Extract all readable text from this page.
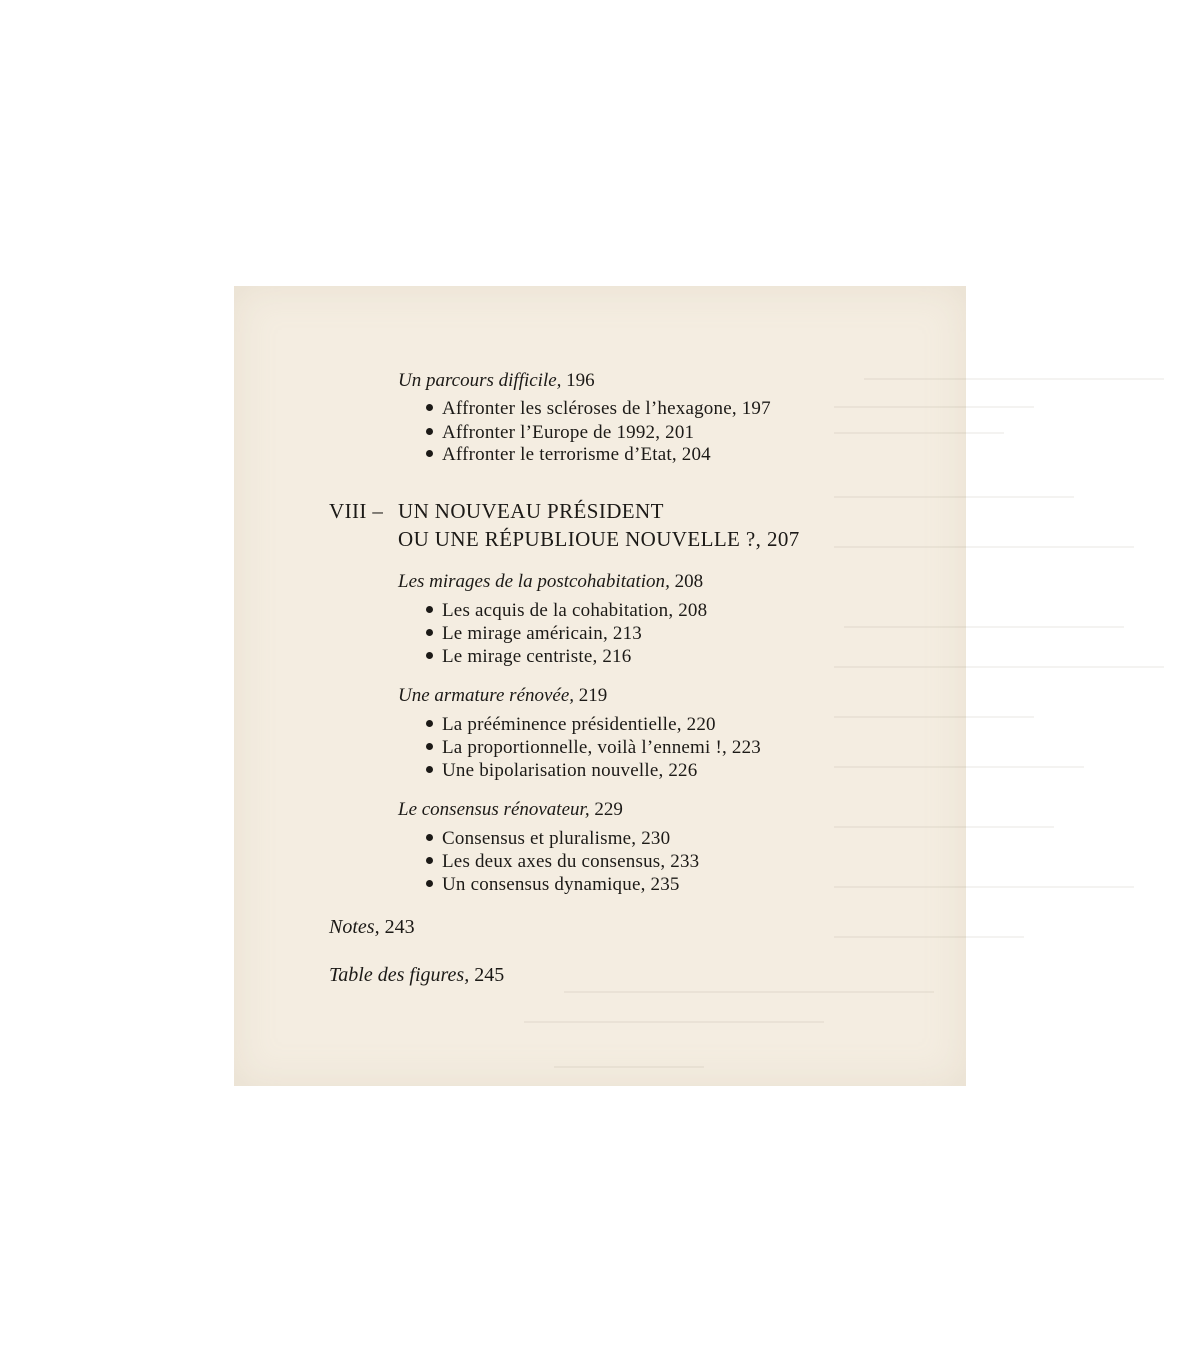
Un parcours difficile, 196
Affronter les scléroses de l’hexagone, 197
Affronter l’Europe de 1992, 201
Affronter le terrorisme d’Etat, 204
VIII – UN NOUVEAU PRÉSIDENT
OU UNE RÉPUBLIOUE NOUVELLE ?, 207
Les mirages de la postcohabitation, 208
Les acquis de la cohabitation, 208
Le mirage américain, 213
Le mirage centriste, 216
Une armature rénovée, 219
La prééminence présidentielle, 220
La proportionnelle, voilà l’ennemi !, 223
Une bipolarisation nouvelle, 226
Le consensus rénovateur, 229
Consensus et pluralisme, 230
Les deux axes du consensus, 233
Un consensus dynamique, 235
Notes, 243
Table des figures, 245
